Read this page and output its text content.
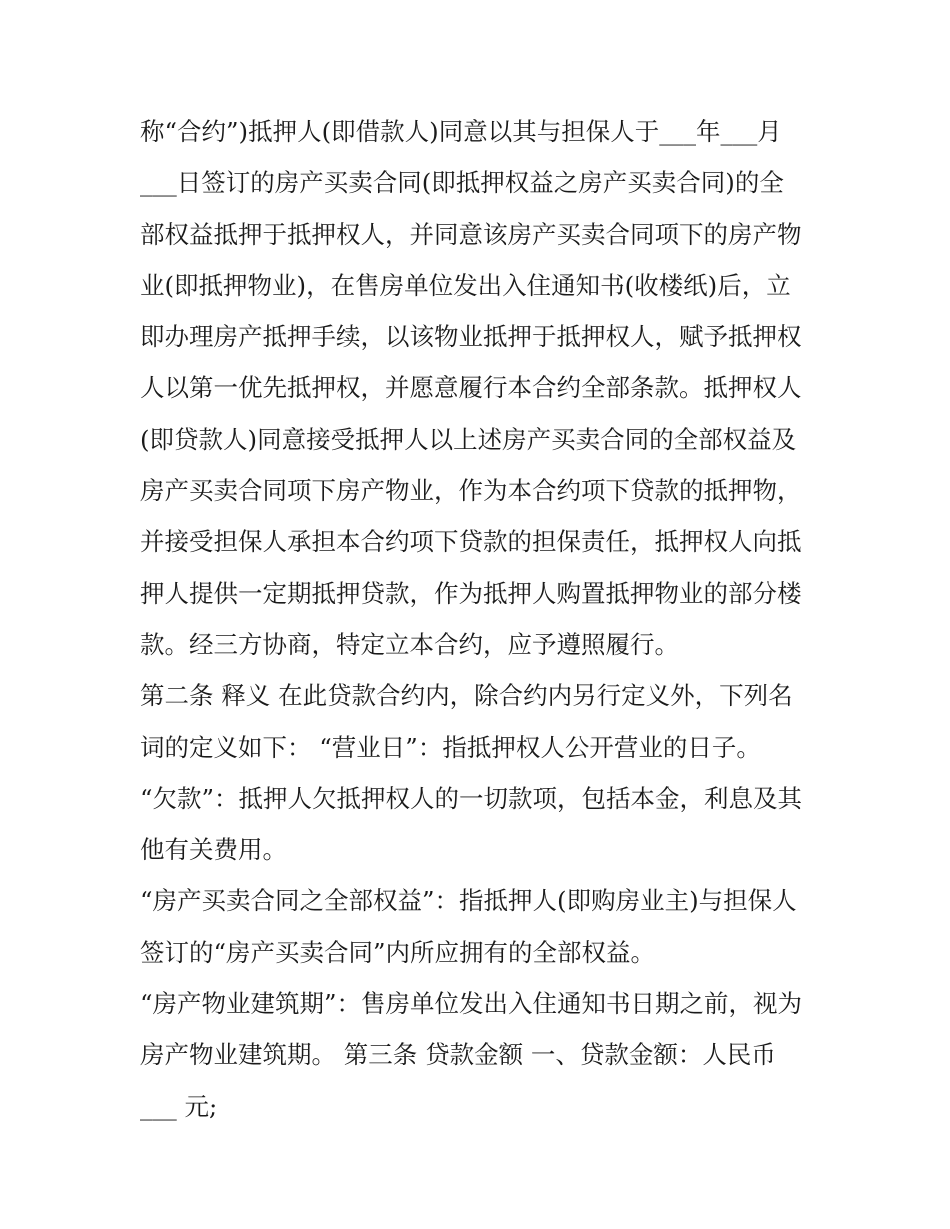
称“合约”)抵押人(即借款人)同意以其与担保人于___年___月
___日签订的房产买卖合同(即抵押权益之房产买卖合同)的全
部权益抵押于抵押权人，并同意该房产买卖合同项下的房产物
业(即抵押物业)，在售房单位发出入住通知书(收楼纸)后，立
即办理房产抵押手续，以该物业抵押于抵押权人，赋予抵押权
人以第一优先抵押权，并愿意履行本合约全部条款。抵押权人
(即贷款人)同意接受抵押人以上述房产买卖合同的全部权益及
房产买卖合同项下房产物业，作为本合约项下贷款的抵押物，
并接受担保人承担本合约项下贷款的担保责任，抵押权人向抵
押人提供一定期抵押贷款，作为抵押人购置抵押物业的部分楼
款。经三方协商，特定立本合约，应予遵照履行。
第二条 释义 在此贷款合约内，除合约内另行定义外，下列名
词的定义如下： “营业日”：指抵押权人公开营业的日子。
“欠款”：抵押人欠抵押权人的一切款项，包括本金，利息及其
他有关费用。
“房产买卖合同之全部权益”：指抵押人(即购房业主)与担保人
签订的“房产买卖合同”内所应拥有的全部权益。
“房产物业建筑期”：售房单位发出入住通知书日期之前，视为
房产物业建筑期。 第三条 贷款金额 一、贷款金额：人民币
___ 元;
